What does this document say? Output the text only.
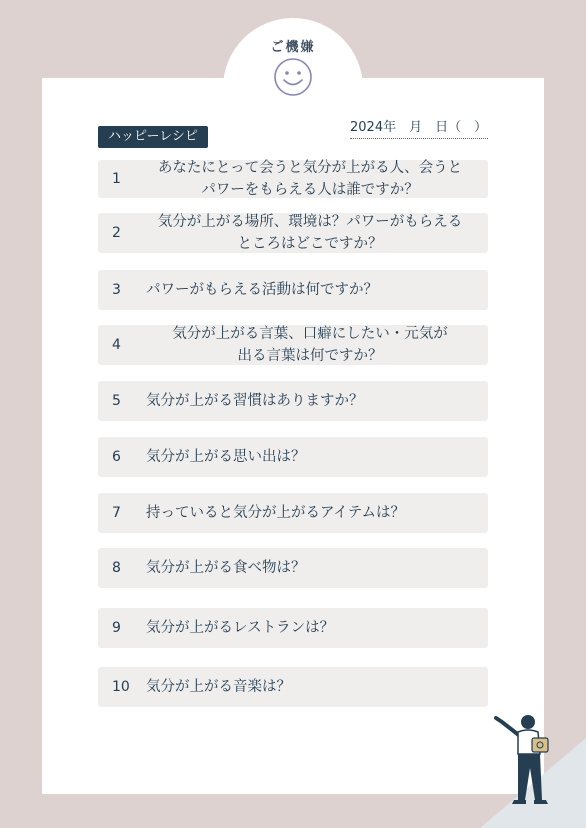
ご機嫌
ハッピーレシピ
2024年　月　日（　）
1
あなたにとって会うと気分が上がる人、会うと
パワーをもらえる人は誰ですか？
2
気分が上がる場所、環境は？パワーがもらえる
ところはどこですか？
3 パワーがもらえる活動は何ですか？
4
気分が上がる言葉、口癖にしたい・元気が
出る言葉は何ですか？
5 気分が上がる習慣はありますか？
6 気分が上がる思い出は？
7 持っていると気分が上がるアイテムは？
8 気分が上がる食べ物は？
9 気分が上がるレストランは？
10 気分が上がる音楽は？
